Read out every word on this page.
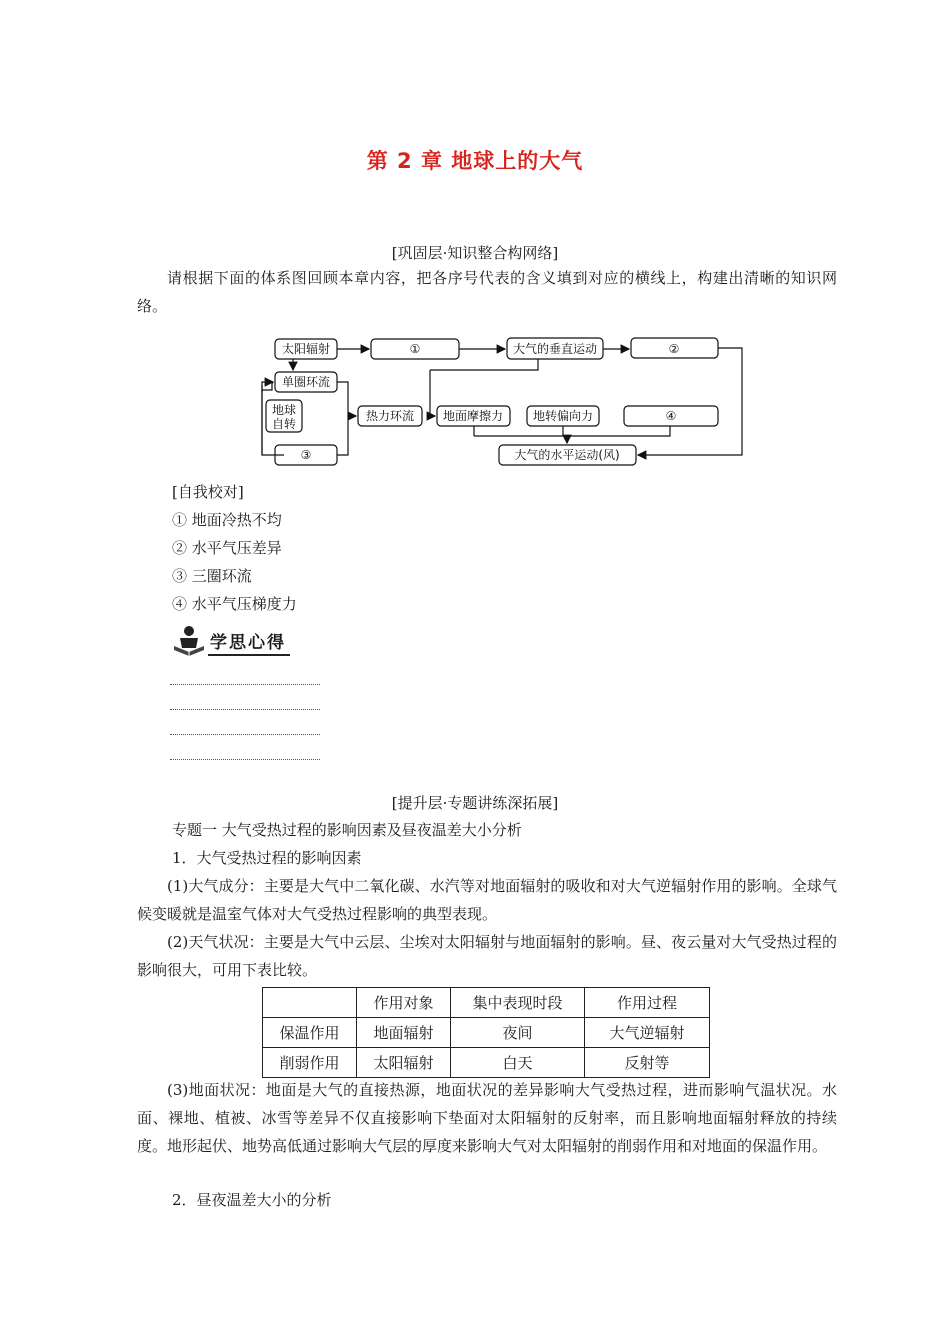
第 2 章 地球上的大气
[巩固层·知识整合构网络]
请根据下面的体系图回顾本章内容，把各序号代表的含义填到对应的横线上，构建出清晰的知识网络。
太阳辐射	①	大气的垂直运动	②
单圈环流
地球
自转
热力环流 地面摩擦力 地转偏向力	④
③	大气的水平运动(风)
[自我校对]
① 地面冷热不均
② 水平气压差异
③ 三圈环流
④ 水平气压梯度力
学思心得
[提升层·专题讲练深拓展]
专题一 大气受热过程的影响因素及昼夜温差大小分析
1．大气受热过程的影响因素
(1)大气成分：主要是大气中二氧化碳、水汽等对地面辐射的吸收和对大气逆辐射作用的影响。全球气候变暖就是温室气体对大气受热过程影响的典型表现。
(2)天气状况：主要是大气中云层、尘埃对太阳辐射与地面辐射的影响。昼、夜云量对大气受热过程的影响很大，可用下表比较。
	作用对象	集中表现时段	作用过程
保温作用	地面辐射	夜间	大气逆辐射
削弱作用	太阳辐射	白天	反射等
(3)地面状况：地面是大气的直接热源，地面状况的差异影响大气受热过程，进而影响气温状况。水面、裸地、植被、冰雪等差异不仅直接影响下垫面对太阳辐射的反射率，而且影响地面辐射释放的持续度。地形起伏、地势高低通过影响大气层的厚度来影响大气对太阳辐射的削弱作用和对地面的保温作用。
2．昼夜温差大小的分析
